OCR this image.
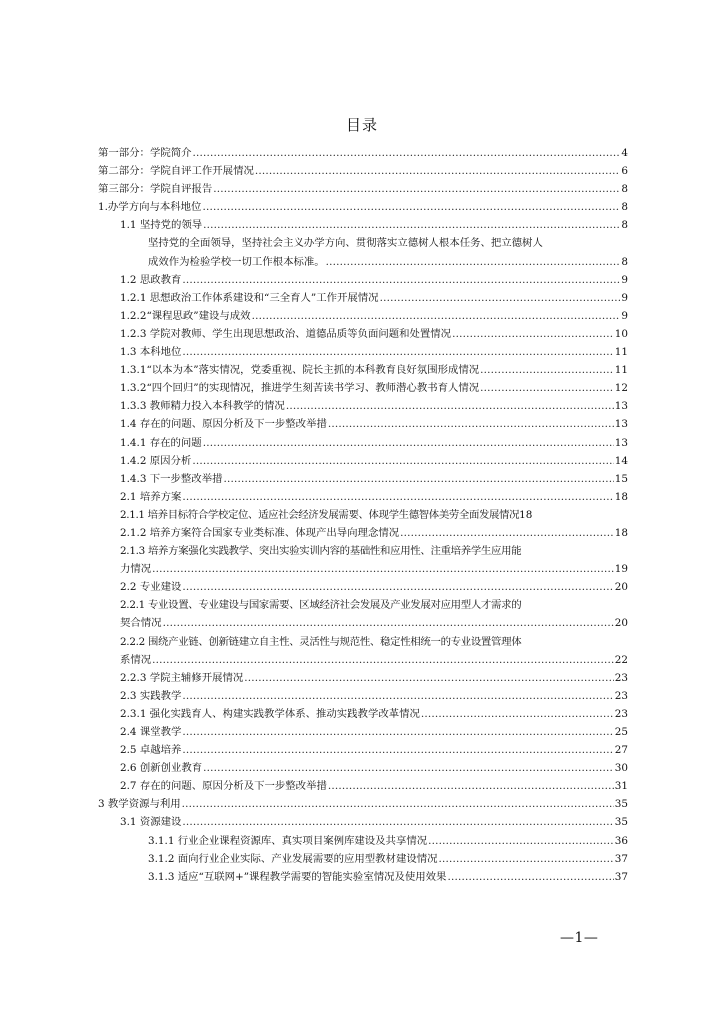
目录
第一部分：学院简介 .....	4
第二部分：学院自评工作开展情况 .....	6
第三部分：学院自评报告 .....	8
1.办学方向与本科地位 .....	8
1.1 坚持党的领导 .....	8
坚持党的全面领导，坚持社会主义办学方向、贯彻落实立德树人根本任务、把立德树人
成效作为检验学校一切工作根本标准。 .....	8
1.2 思政教育 .....	9
1.2.1 思想政治工作体系建设和“三全育人”工作开展情况 .....	9
1.2.2“课程思政”建设与成效 .....	9
1.2.3 学院对教师、学生出现思想政治、道德品质等负面问题和处置情况 .....	10
1.3 本科地位 .....	11
1.3.1“以本为本”落实情况，党委重视、院长主抓的本科教育良好氛围形成情况 .....	11
1.3.2“四个回归”的实现情况，推进学生刻苦读书学习、教师潜心教书育人情况 .....	12
1.3.3 教师精力投入本科教学的情况 .....	13
1.4 存在的问题、原因分析及下一步整改举措 .....	13
1.4.1 存在的问题 .....	13
1.4.2 原因分析 .....	14
1.4.3 下一步整改举措 .....	15
2.1 培养方案 .....	18
2.1.1 培养目标符合学校定位、适应社会经济发展需要、体现学生德智体美劳全面发展情况 18
2.1.2 培养方案符合国家专业类标准、体现产出导向理念情况 .....	18
2.1.3 培养方案强化实践教学、突出实验实训内容的基础性和应用性、注重培养学生应用能
力情况 .....	19
2.2 专业建设 .....	20
2.2.1 专业设置、专业建设与国家需要、区域经济社会发展及产业发展对应用型人才需求的
契合情况 .....	20
2.2.2 围绕产业链、创新链建立自主性、灵活性与规范性、稳定性相统一的专业设置管理体
系情况 .....	22
2.2.3 学院主辅修开展情况 .....	23
2.3 实践教学 .....	23
2.3.1 强化实践育人、构建实践教学体系、推动实践教学改革情况 .....	23
2.4 课堂教学 .....	25
2.5 卓越培养 .....	27
2.6 创新创业教育 .....	30
2.7 存在的问题、原因分析及下一步整改举措 .....	31
3 教学资源与利用 .....	35
3.1 资源建设 .....	35
3.1.1 行业企业课程资源库、真实项目案例库建设及共享情况 .....	36
3.1.2 面向行业企业实际、产业发展需要的应用型教材建设情况 .....	37
3.1.3 适应“互联网+”课程教学需要的智能实验室情况及使用效果 .....	37
—1—
